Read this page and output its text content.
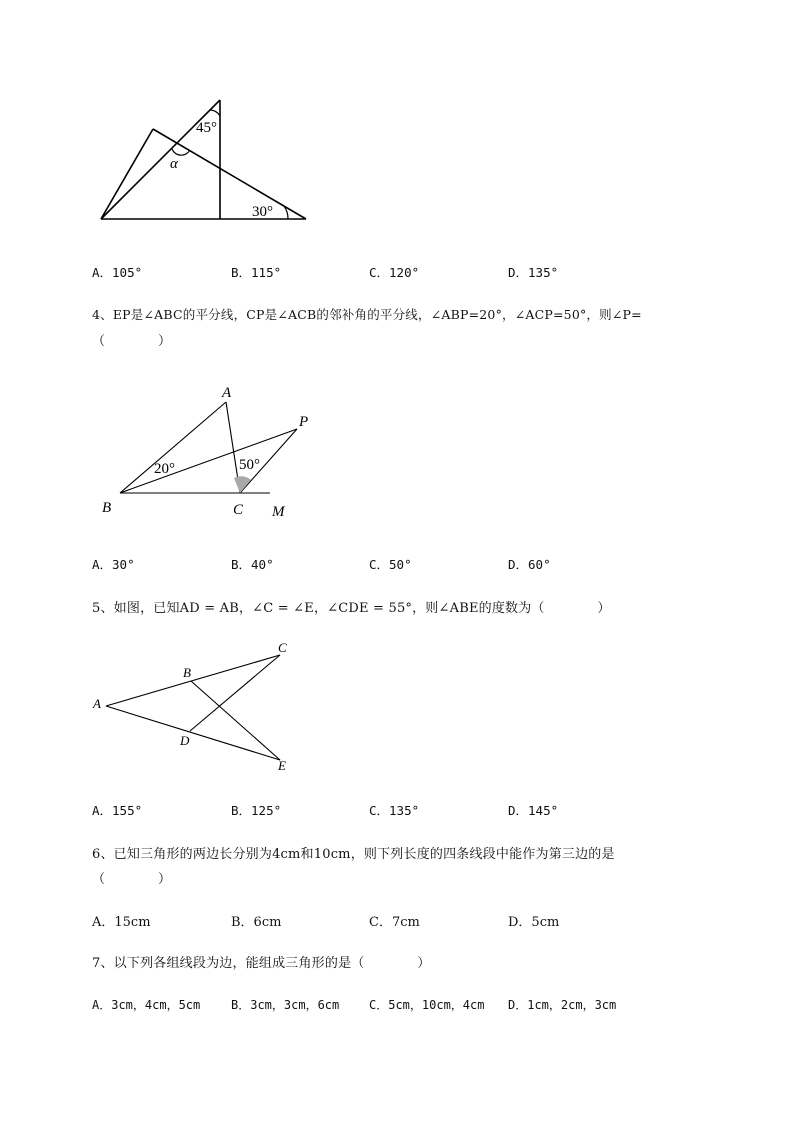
45°
α
30°
A．105°	B．115°	C．120°	D．135°
4、EP是∠ABC的平分线，CP是∠ACB的邻补角的平分线，∠ABP=20°，∠ACP=50°，则∠P=
（　　　　）
A
P
B	C M
20°	50°
A．30°	B．40°	C．50°	D．60°
5、如图，已知AD = AB，∠C = ∠E，∠CDE = 55°，则∠ABE的度数为（　　　　）
A
B
C
D
E
A．155°	B．125°	C．135°	D．145°
6、已知三角形的两边长分别为4cm和10cm，则下列长度的四条线段中能作为第三边的是
（　　　　）
A．15cm	B．6cm	C．7cm	D．5cm
7、以下列各组线段为边，能组成三角形的是（　　　　）
A．3cm，4cm，5cm	B．3cm，3cm，6cm C．5cm，10cm，4cm D．1cm，2cm，3cm
